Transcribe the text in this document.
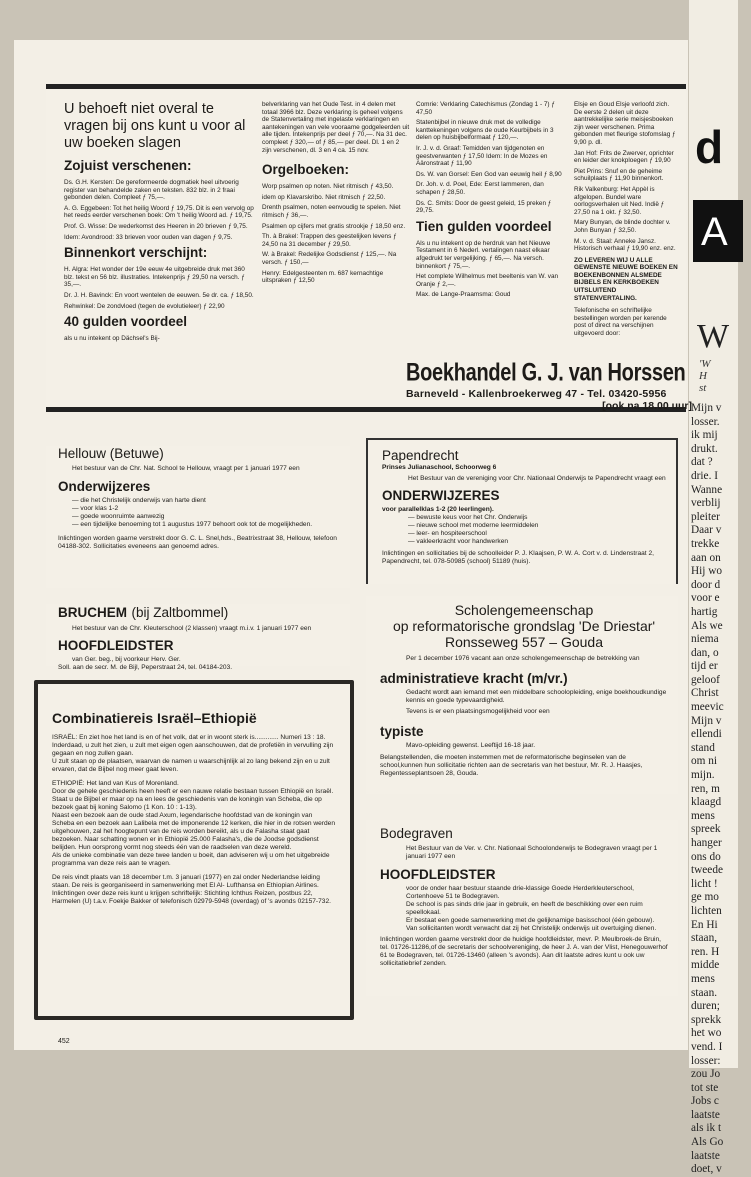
d
A
W
'W
H
st
Mijn v
losser.
ik mij
drukt.
dat ?
drie. I
Wanne
verblij
pleiter
Daar v
trekke
aan on
Hij wo
door d
voor e
hartig
Als we
niema
dan, o
tijd er
geloof
Christ
meevic
Mijn v
ellendi
stand
om ni
mijn.
ren, m
klaagd
mens
spreek
hanger
ons do
tweede
licht !
ge mo
lichten
En Hi
staan,
ren. H
midde
mens
staan.
duren;
sprekk
het wo
vend. I
losser:
zou Jo
tot ste
Jobs c
laatste
als ik t
Als Go
laatste
doet, v
U behoeft niet overal te vragen bij ons kunt u voor al uw boeken slagen
Zojuist verschenen:

Ds. G.H. Kersten: De gereformeerde dogmatiek heel uitvoerig register van behandelde zaken en teksten. 832 blz. in 2 fraai gebonden delen. Compleet ƒ 75,—.

A. G. Eggebeen: Tot het heilig Woord ƒ 19,75. Dit is een vervolg op het reeds eerder verschenen boek: Om 't heilig Woord ad. ƒ 19,75.

Prof. G. Wisse: De wederkomst des Heeren in 20 brieven ƒ 9,75.

Idem: Avondrood: 33 brieven voor ouden van dagen ƒ 9,75.

Binnenkort verschijnt:

H. Algra: Het wonder der 19e eeuw 4e uitgebreide druk met 360 blz. tekst en 56 blz. illustraties. Intekenprijs ƒ 29,50 na versch. ƒ 35,—.

Dr. J. H. Bavinck: En voort wentelen de eeuwen. 5e dr. ca. ƒ 18,50.

Rehwinkel: De zondvloed (tegen de evolutieleer) ƒ 22,90

40 gulden voordeel
als u nu intekent op Dächsel's Bij-
belverklaring van het Oude Test. in 4 delen met totaal 3966 blz. Deze verklaring is geheel volgens de Statenvertaling met ingelaste verklaringen en aantekeningen van vele vooraame godgeleerden uit alle tijden. Intekenprijs per deel ƒ 70,—. Na 31 dec. compleet ƒ 320,— of ƒ 85,— per deel. Dl. 1 en 2 zijn verschenen, dl. 3 en 4 ca. 15 nov.
Orgelboeken:

Worp psalmen op noten. Niet ritmisch ƒ 43,50.

idem op Klavarskribo. Niet ritmisch ƒ 22,50.

Drenth psalmen, noten eenvoudig te spelen. Niet ritmisch ƒ 36,—.

Psalmen op cijfers met gratis strookje ƒ 18,50 enz.

Th. à Brakel: Trappen des geestelijken levens ƒ 24,50 na 31 december ƒ 29,50.

W. à Brakel: Redelijke Godsdienst ƒ 125,—. Na versch. ƒ 150,—

Henry: Edelgesteenten m. 687 kernachtige uitspraken ƒ 12,50

Comrie: Verklaring Catechismus (Zondag 1 - 7) ƒ 47,50

Statenbijbel in nieuwe druk met de volledige kanttekeningen volgens de oude Keurbijbels in 3 delen op huisbijbelformaat ƒ 120,—.

Ir. J. v. d. Graaf: Temidden van tijdgenoten en geestverwanten ƒ 17,50 Idem: In de Mozes en Aäronstraat ƒ 11,90

Ds. W. van Gorsel: Een God van eeuwig heil ƒ 8,90

Dr. Joh. v. d. Poel, Ede: Eerst lammeren, dan schapen ƒ 28,50.

Ds. C. Smits: Door de geest geleid, 15 preken ƒ 29,75.

Tien gulden voordeel

Als u nu intekent op de herdruk van het Nieuwe Testament in 6 Nederl. vertalingen naast elkaar afgedrukt ter vergelijking. ƒ 65,—. Na versch. binnenkort ƒ 75,—.

Het complete Wilhelmus met beeltenis van W. van Oranje ƒ 2,—.

Max. de Lange-Praamsma: Goud

Elsje en Goud Elsje verloofd zich. De eerste 2 delen uit deze aantrekkelijke serie meisjesboeken zijn weer verschenen. Prima gebonden met fleurige stofomslag ƒ 9,90 p. dl.

Jan Hof: Frits de Zwerver, oprichter en leider der knokploegen ƒ 19,90

Piet Prins: Snuf en de geheime schuilplaats ƒ 11,90 binnenkort.

Rik Valkenburg: Het Appèl is afgelopen. Bundel ware oorlogsverhalen uit Ned. Indië ƒ 27,50 na 1 okt. ƒ 32,50.

Mary Bunyan, de blinde dochter v. John Bunyan ƒ 32,50.

M. v. d. Staal: Anneke Jansz. Historisch verhaal ƒ 19,90 enz. enz.

ZO LEVEREN WIJ U ALLE GEWENSTE NIEUWE BOEKEN EN BOEKENBONNEN ALSMEDE BIJBELS EN KERKBOEKEN UITSLUITEND STATENVERTALING.
Telefonische en schriftelijke bestellingen worden per kerende post of direct na verschijnen uitgevoerd door:
Boekhandel G. J. van Horssen
Barneveld - Kallenbroekerweg 47 - Tel. 03420-5956
[ook na 18.00 uur]
Hellouw (Betuwe)
Het bestuur van de Chr. Nat. School te Hellouw, vraagt per 1 januari 1977 een
Onderwijzeres
— die het Christelijk onderwijs van harte dient
— voor klas 1-2
— goede woonruimte aanwezig
— een tijdelijke benoeming tot 1 augustus 1977 behoort ook tot de mogelijkheden.
Inlichtingen worden gaarne verstrekt door G. C. L. Snel,hds., Beatrixstraat 38, Hellouw, telefoon 04188-302. Sollicitaties eveneens aan genoemd adres.
BRUCHEM (bij Zaltbommel)
Het bestuur van de Chr. Kleuterschool (2 klassen) vraagt m.i.v. 1 januari 1977 een
HOOFDLEIDSTER
van Ger. beg., bij voorkeur Herv. Ger.
Soll. aan de secr. M. de Bijl, Peperstraat 24, tel. 04184-203.
Combinatiereis Israël–Ethiopië

ISRAËL: En ziet hoe het land is en of het volk, dat er in woont sterk is............. Numeri 13 : 18.

Inderdaad, u zult het zien, u zult met eigen ogen aanschouwen, dat de profetiën in vervulling zijn gegaan en nog zullen gaan.

U zult staan op de plaatsen, waarvan de namen u waarschijnlijk al zo lang bekend zijn en u zult ervaren, dat de Bijbel nog meer gaat leven.

ETHIOPIË: Het land van Kus of Morenland.

Door de gehele geschiedenis heen heeft er een nauwe relatie bestaan tussen Ethiopië en Israël. Staat u de Bijbel er maar op na en lees de geschiedenis van de koningin van Scheba, die op bezoek gaat bij koning Salomo (1 Kon. 10 : 1-13).

Naast een bezoek aan de oude stad Axum, legendarische hoofdstad van de koningin van Scheba en een bezoek aan Lalibela met de imponerende 12 kerken, die hier in de rotsen werden uitgehouwen, zal het hoogtepunt van de reis worden bereikt, als u de Falasha staat gaat bezoeken. Naar schatting wonen er in Ethiopië 25.000 Falasha's, die de Joodse godsdienst belijden. Hun oorsprong vormt nog steeds één van de raadselen van deze wereld.

Als de unieke combinatie van deze twee landen u boeit, dan adviseren wij u om het uitgebreide programma van deze reis aan te vragen.

De reis vindt plaats van 18 december t.m. 3 januari (1977) en zal onder Nederlandse leiding staan. De reis is georganiseerd in samenwerking met El Al- Lufthansa en Ethiopian Airlines.

Inlichtingen over deze reis kunt u krijgen schriftelijk: Stichting Ichthus Reizen, postbus 22, Harmelen (U) t.a.v. Foekje Bakker of telefonisch 02979-5948 (overdag) of 's avonds 02157-732.

Papendrecht
Prinses Julianaschool, Schoorweg 6
Het Bestuur van de vereniging voor Chr. Nationaal Onderwijs te Papendrecht vraagt een
ONDERWIJZERES
voor parallelklas 1-2 (20 leerlingen).
— bewuste keus voor het Chr. Onderwijs
— nieuwe school met moderne leermiddelen
— leer- en hospiteerschool
— vakleerkracht voor handwerken
Inlichtingen en sollicitaties bij de schoolleider P. J. Klaajsen, P. W. A. Cort v. d. Lindenstraat 2, Papendrecht, tel. 078-50985 (school) 51189 (huis).
Scholengemeenschap
op reformatorische grondslag 'De Driestar'
Ronsseweg 557 – Gouda
Per 1 december 1976 vacant aan onze scholengemeenschap de betrekking van
administratieve kracht (m/vr.)
Gedacht wordt aan iemand met een middelbare schoolopleiding, enige boekhoudkundige kennis en goede typevaardigheid.
Tevens is er een plaatsingsmogelijkheid voor een
typiste
Mavo-opleiding gewenst. Leeftijd 16-18 jaar.
Belangstellenden, die moeten instemmen met de reformatorische beginselen van de school,kunnen hun sollicitatie richten aan de secretaris van het bestuur, Mr. R. J. Haasjes, Regentesseplantsoen 28, Gouda.
Bodegraven
Het Bestuur van de Ver. v. Chr. Nationaal Schoolonderwijs te Bodegraven vraagt per 1 januari 1977 een
HOOFDLEIDSTER
voor de onder haar bestuur staande drie-klassige Goede Herderkleuterschool, Cortenhoeve 51 te Bodegraven.
De school is pas sinds drie jaar in gebruik, en heeft de beschikking over een ruim speellokaal.
Er bestaat een goede samenwerking met de gelijknamige basisschool (één gebouw).
Van sollicitanten wordt verwacht dat zij het Christelijk onderwijs uit overtuiging dienen.
Inlichtingen worden gaarne verstrekt door de huidige hoofdleidster, mevr. P. Meulbroek-de Bruin, tel. 01726-11286,of de secretaris der schoolvereniging, de heer J. A. van der Vlist, Henegouwerhof 61 te Bodegraven, tel. 01726-13460 (alleen 's avonds). Aan dit laatste adres kunt u ook uw sollicitatiebrief zenden.
452
